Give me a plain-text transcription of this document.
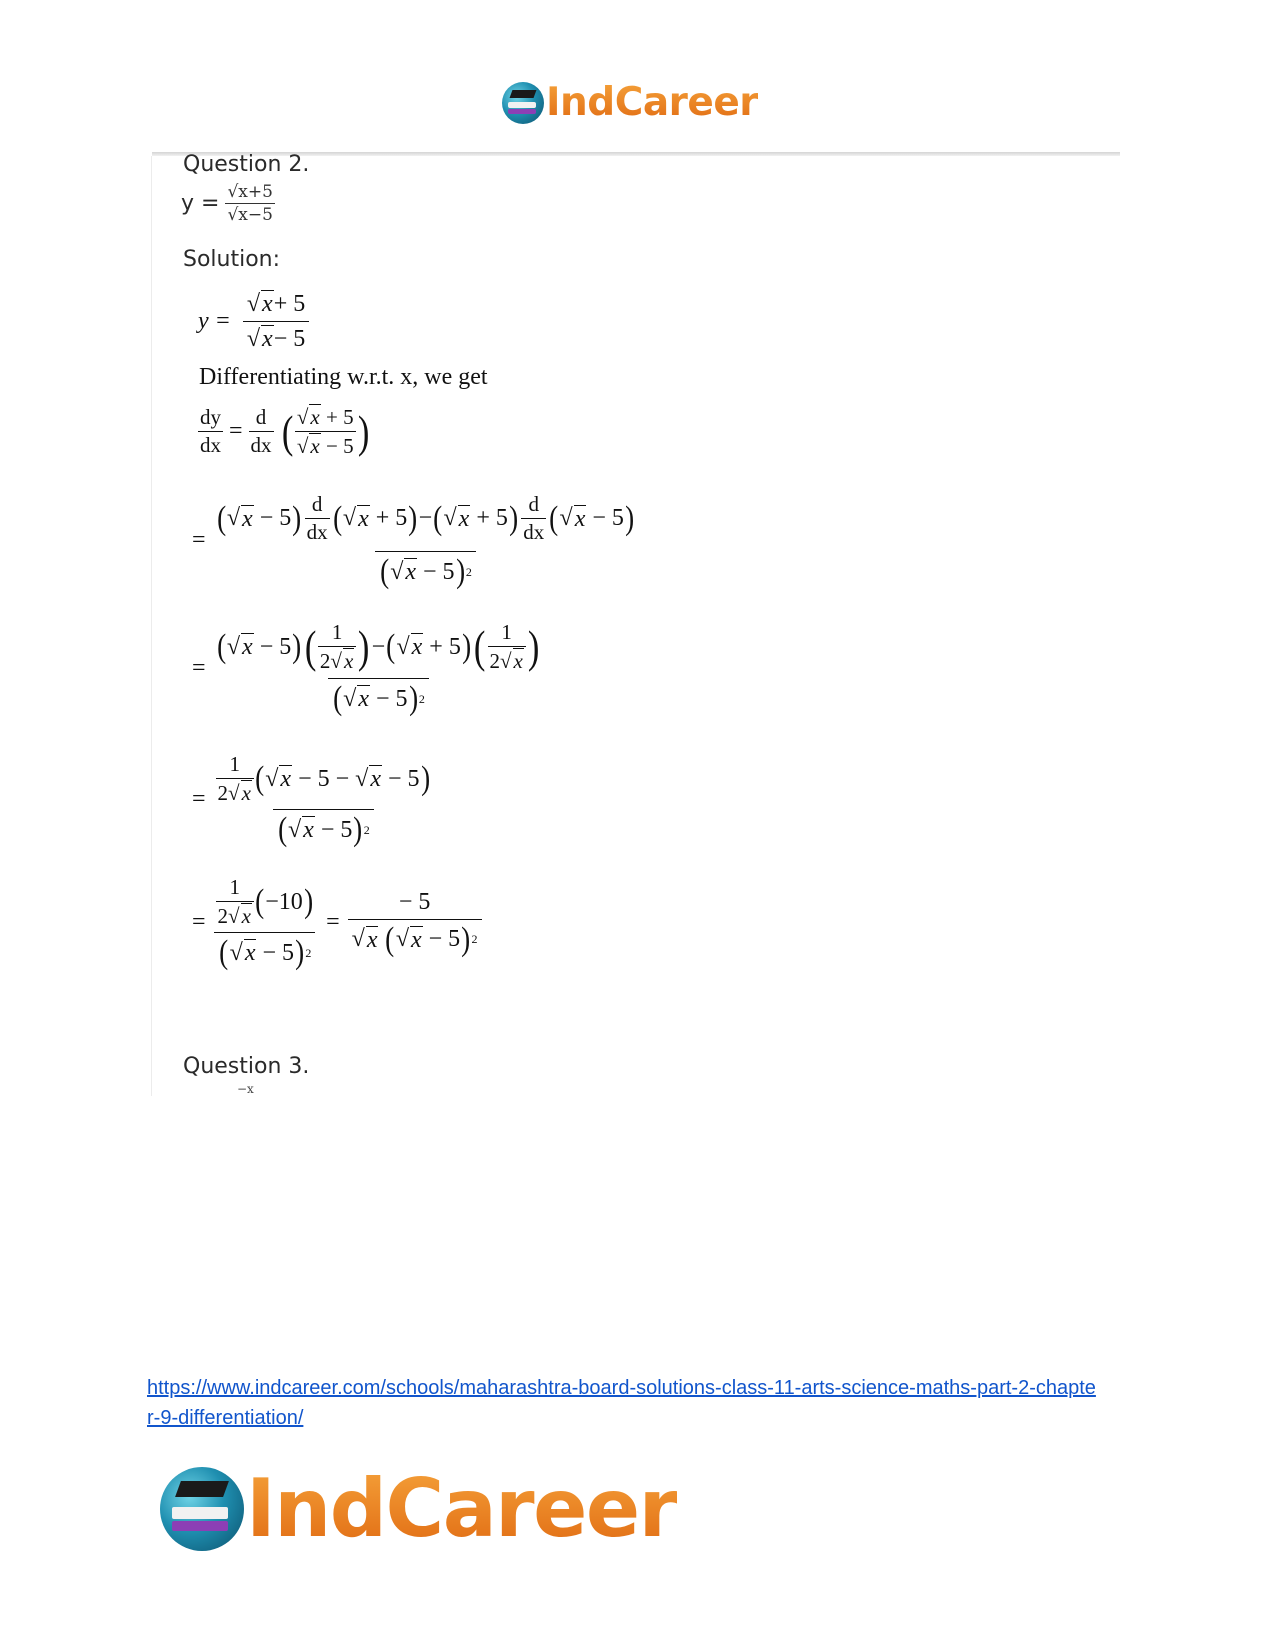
IndCareer
Question 2.
$y = \frac{√x+5}{√x-5}$
Solution:
$y = \frac{√ x + 5}{√ x - 5}$
Differentiating w.r.t. x, we get
$\frac{dy}{dx} = \frac{d}{dx}$ ( √ x + 5
√ x − 5 )
=
( √ x − 5 ) d
dx ( √ x + 5 ) − ( √ x + 5 ) d
dx ( √ x − 5 )
( √ x − 5 ) 2
= ( √ x − 5 ) ( 1
2√ x ) − ( √ x + 5 ) ( 1
2√ x )
( √ x − 5 ) 2
= 1
2√ x ( √ x − 5 − √ x − 5 )
( √ x − 5 ) 2
= 1
2√ x ( −10 )
( √ x − 5 ) 2 = − 5
√ x
( √ x − 5 ) 2
Question 3.
−x
https://www.indcareer.com/schools/maharashtra-board-solutions-class-11-arts-science-maths-part-2-chapter-9-differentiation/
IndCareer
